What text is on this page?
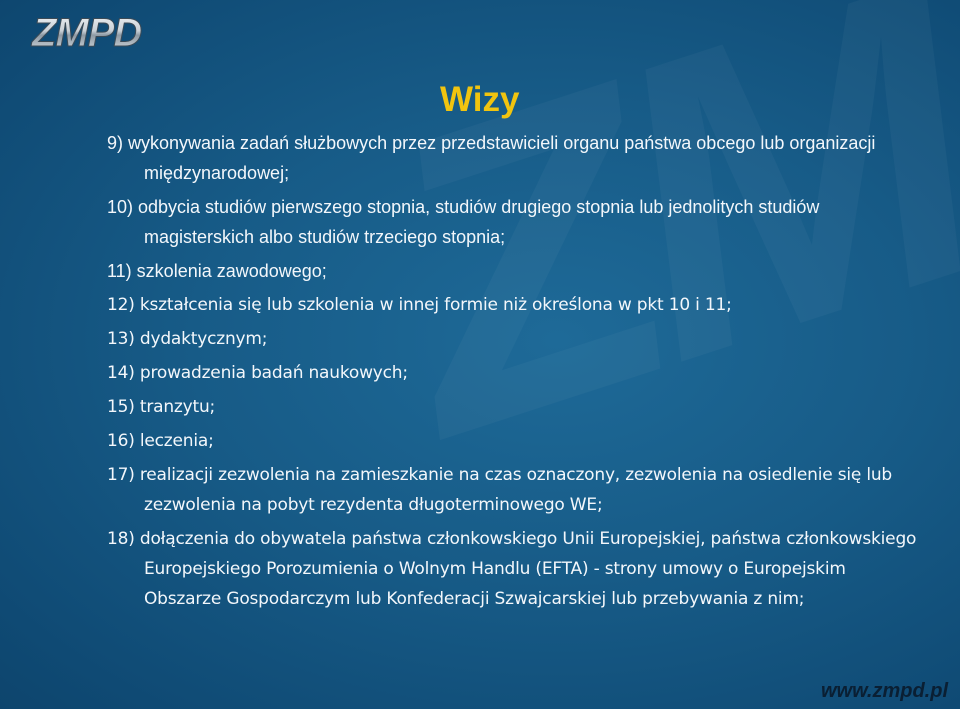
ZMPD
Wizy
9) wykonywania zadań służbowych przez przedstawicieli organu państwa obcego lub organizacji międzynarodowej;
10) odbycia studiów pierwszego stopnia, studiów drugiego stopnia lub jednolitych studiów magisterskich albo studiów trzeciego stopnia;
11) szkolenia zawodowego;
12) kształcenia się lub szkolenia w innej formie niż określona w pkt 10 i 11;
13) dydaktycznym;
14) prowadzenia badań naukowych;
15) tranzytu;
16) leczenia;
17) realizacji zezwolenia na zamieszkanie na czas oznaczony, zezwolenia na osiedlenie się lub zezwolenia na pobyt rezydenta długoterminowego WE;
18) dołączenia do obywatela państwa członkowskiego Unii Europejskiej, państwa członkowskiego Europejskiego Porozumienia o Wolnym Handlu (EFTA) - strony umowy o Europejskim Obszarze Gospodarczym lub Konfederacji Szwajcarskiej lub przebywania z nim;
www.zmpd.pl
